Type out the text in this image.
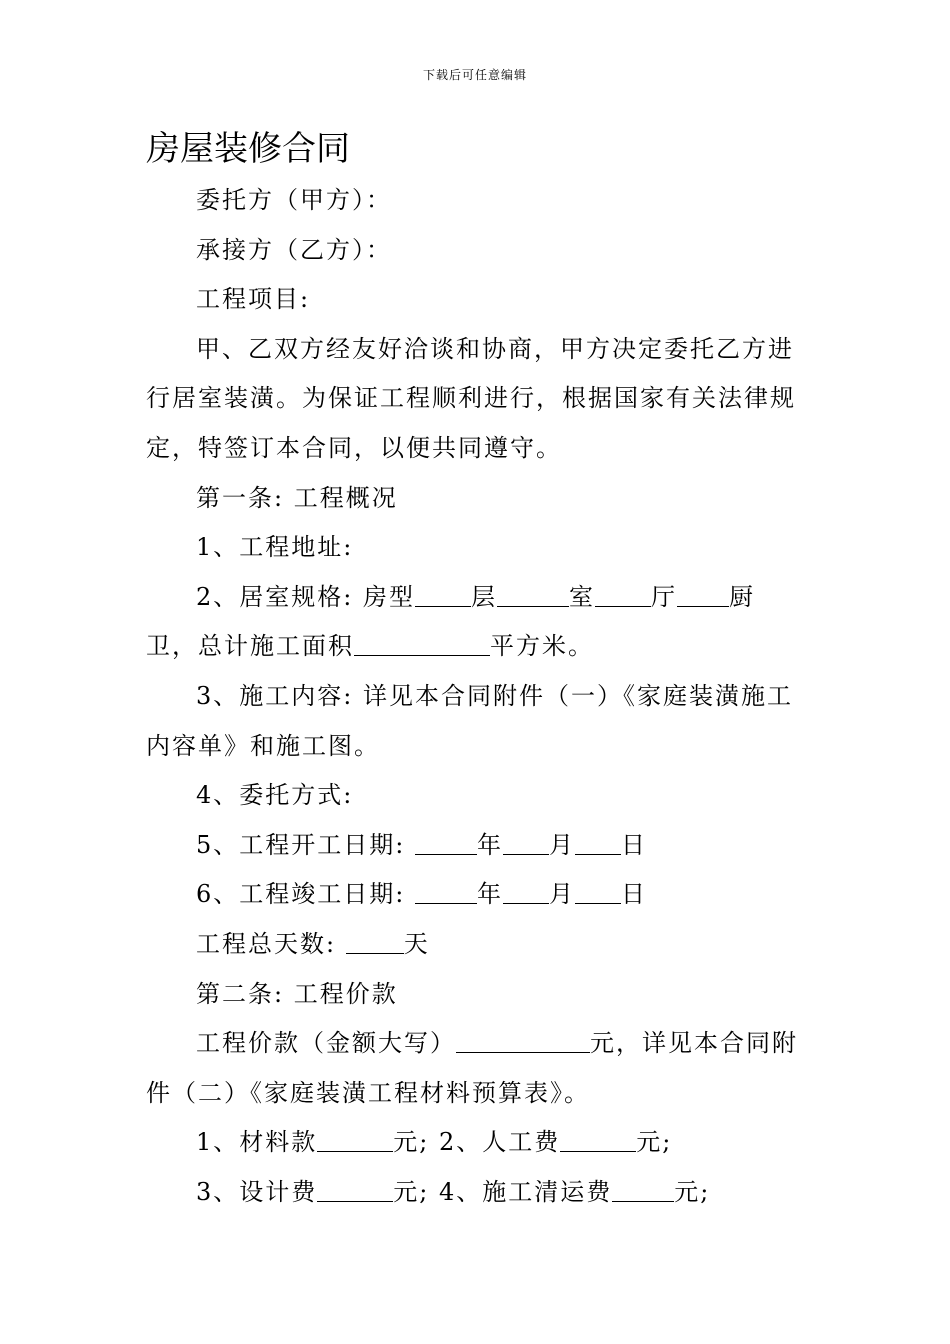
下载后可任意编辑
房屋装修合同
委托方（甲方）：
承接方（乙方）：
工程项目:
甲、乙双方经友好洽谈和协商，甲方决定委托乙方进
行居室装潢。为保证工程顺利进行，根据国家有关法律规
定，特签订本合同，以便共同遵守。
第一条: 工程概况
1、工程地址:
2、居室规格: 房型 层	室 厅 厨
卫，总计施工面积	平方米。
3、施工内容: 详见本合同附件（一）《家庭装潢施工
内容单》和施工图。
4、委托方式:
5、工程开工日期:	年 月 日
6、工程竣工日期:	年 月 日
工程总天数: 天
第二条: 工程价款
工程价款（金额大写）	元，详见本合同附
件（二）《家庭装潢工程材料预算表》。
1、材料款	元; 2、人工费	元;
3、设计费	元; 4、施工清运费	元;
